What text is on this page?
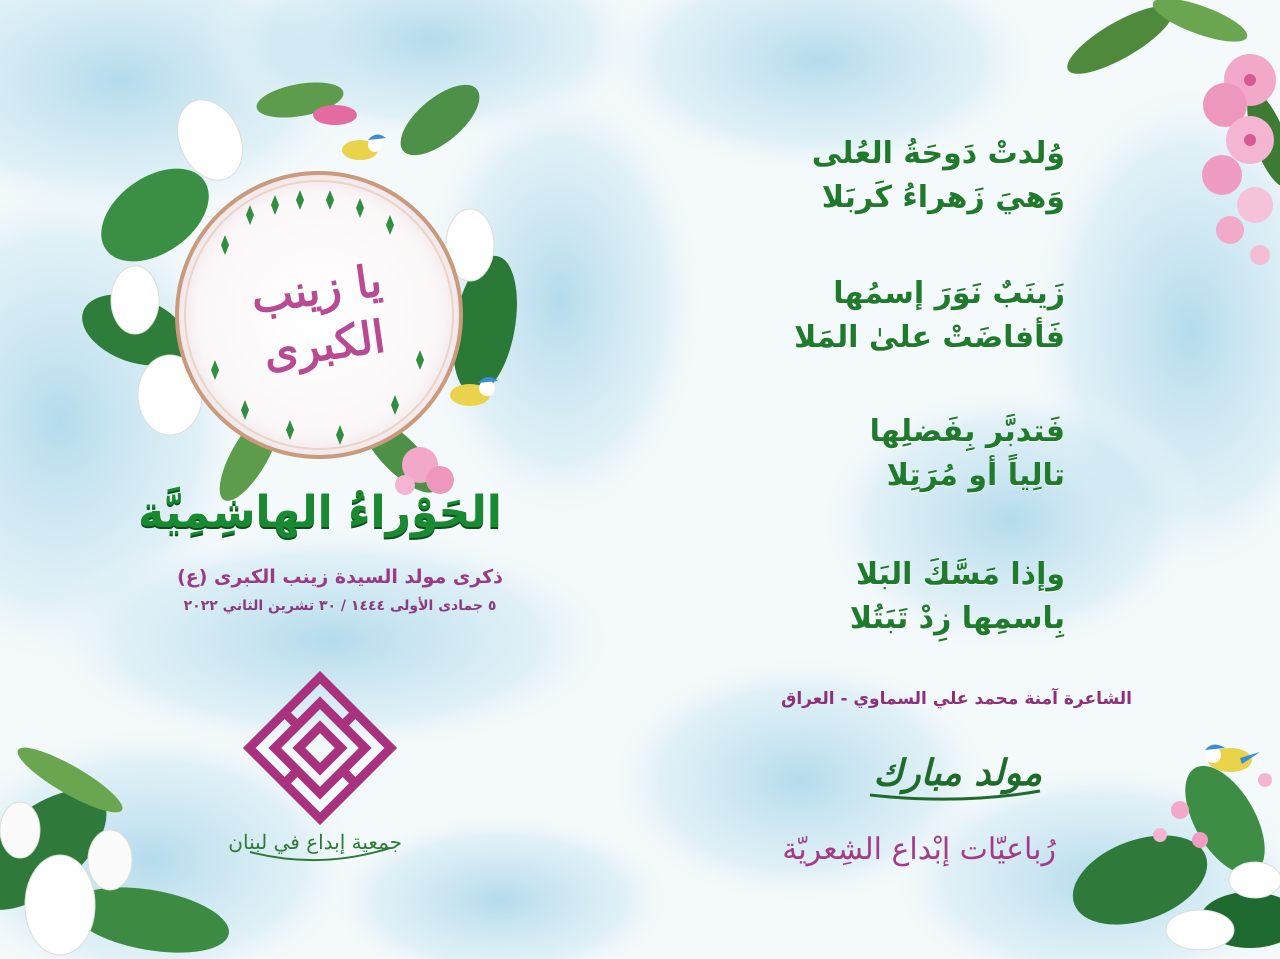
يا زينب الكبرى
وُلدتْ دَوحَةُ العُلى
وَهيَ زَهراءُ كَربَلا
زَينَبٌ نَوَرَ إسمُها
فَأفاضَتْ علىٰ المَلا
فَتدبَّر بِفَضلِها
تالِياً أو مُرَتِلا
وإذا مَسَّكَ البَلا
بِاسمِها زِدْ تَبَتُلا
الشاعرة آمنة محمد علي السماوي - العراق
مولد مبارك
رُباعيّات إبْداع الشِعريّة
الحَوْراءُ الهاشِمِيَّة
ذكرى مولد السيدة زينب الكبرى (ع)
٥ جمادى الأولى ١٤٤٤ / ٣٠ تشرين الثاني ٢٠٢٢
جمعية إبداع في لبنان
